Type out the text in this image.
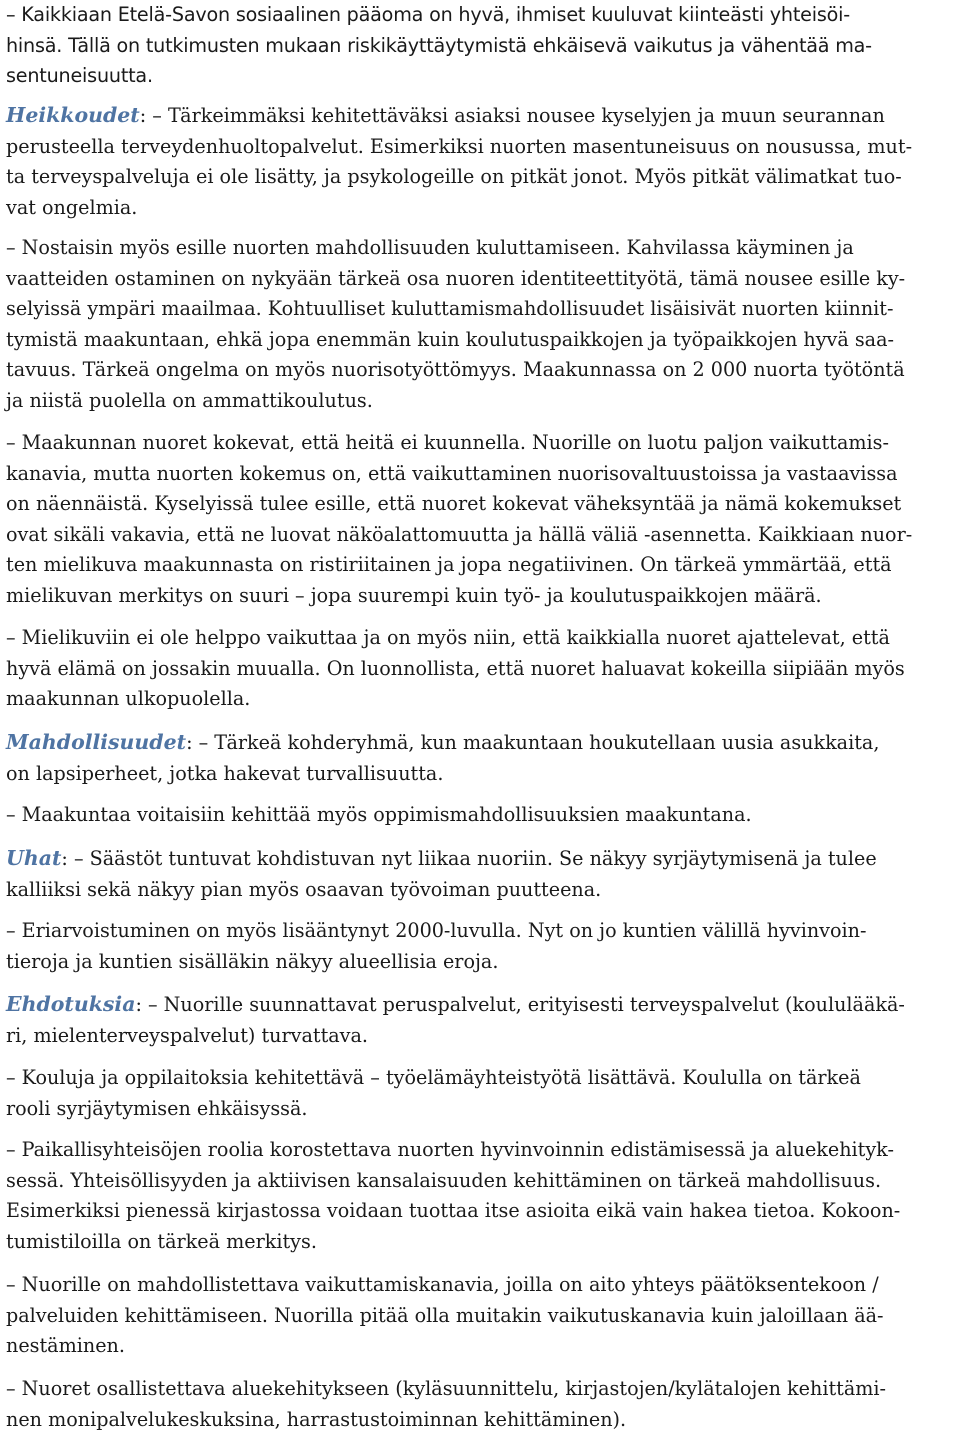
– Kaikkiaan Etelä-Savon sosiaalinen pääoma on hyvä, ihmiset kuuluvat kiinteästi yhteisöi-
hinsä. Tällä on tutkimusten mukaan riskikäyttäytymistä ehkäisevä vaikutus ja vähentää ma-
sentuneisuutta.
Heikkoudet: – Tärkeimmäksi kehitettäväksi asiaksi nousee kyselyjen ja muun seurannan
perusteella terveydenhuoltopalvelut. Esimerkiksi nuorten masentuneisuus on nousussa, mut-
ta terveyspalveluja ei ole lisätty, ja psykologeille on pitkät jonot. Myös pitkät välimatkat tuo-
vat ongelmia.
– Nostaisin myös esille nuorten mahdollisuuden kuluttamiseen. Kahvilassa käyminen ja
vaatteiden ostaminen on nykyään tärkeä osa nuoren identiteettityötä, tämä nousee esille ky-
selyissä ympäri maailmaa. Kohtuulliset kuluttamismahdollisuudet lisäisivät nuorten kiinnit-
tymistä maakuntaan, ehkä jopa enemmän kuin koulutuspaikkojen ja työpaikkojen hyvä saa-
tavuus. Tärkeä ongelma on myös nuorisotyöttömyys. Maakunnassa on 2 000 nuorta työtöntä
ja niistä puolella on ammattikoulutus.
– Maakunnan nuoret kokevat, että heitä ei kuunnella. Nuorille on luotu paljon vaikuttamis-
kanavia, mutta nuorten kokemus on, että vaikuttaminen nuorisovaltuustoissa ja vastaavissa
on näennäistä. Kyselyissä tulee esille, että nuoret kokevat väheksyntää ja nämä kokemukset
ovat sikäli vakavia, että ne luovat näköalattomuutta ja hällä väliä -asennetta. Kaikkiaan nuor-
ten mielikuva maakunnasta on ristiriitainen ja jopa negatiivinen. On tärkeä ymmärtää, että
mielikuvan merkitys on suuri – jopa suurempi kuin työ- ja koulutuspaikkojen määrä.
– Mielikuviin ei ole helppo vaikuttaa ja on myös niin, että kaikkialla nuoret ajattelevat, että
hyvä elämä on jossakin muualla. On luonnollista, että nuoret haluavat kokeilla siipiään myös
maakunnan ulkopuolella.
Mahdollisuudet: – Tärkeä kohderyhmä, kun maakuntaan houkutellaan uusia asukkaita,
on lapsiperheet, jotka hakevat turvallisuutta.
– Maakuntaa voitaisiin kehittää myös oppimismahdollisuuksien maakuntana.
Uhat: – Säästöt tuntuvat kohdistuvan nyt liikaa nuoriin. Se näkyy syrjäytymisenä ja tulee
kalliiksi sekä näkyy pian myös osaavan työvoiman puutteena.
– Eriarvoistuminen on myös lisääntynyt 2000-luvulla. Nyt on jo kuntien välillä hyvinvoin-
tieroja ja kuntien sisälläkin näkyy alueellisia eroja.
Ehdotuksia: – Nuorille suunnattavat peruspalvelut, erityisesti terveyspalvelut (koululääkä-
ri, mielenterveyspalvelut) turvattava.
– Kouluja ja oppilaitoksia kehitettävä – työelämäyhteistyötä lisättävä. Koululla on tärkeä
rooli syrjäytymisen ehkäisyssä.
– Paikallisyhteisöjen roolia korostettava nuorten hyvinvoinnin edistämisessä ja aluekehityk-
sessä. Yhteisöllisyyden ja aktiivisen kansalaisuuden kehittäminen on tärkeä mahdollisuus.
Esimerkiksi pienessä kirjastossa voidaan tuottaa itse asioita eikä vain hakea tietoa. Kokoon-
tumistiloilla on tärkeä merkitys.
– Nuorille on mahdollistettava vaikuttamiskanavia, joilla on aito yhteys päätöksentekoon /
palveluiden kehittämiseen. Nuorilla pitää olla muitakin vaikutuskanavia kuin jaloillaan ää-
nestäminen.
– Nuoret osallistettava aluekehitykseen (kyläsuunnittelu, kirjastojen/kylätalojen kehittämi-
nen monipalvelukeskuksina, harrastustoiminnan kehittäminen).
